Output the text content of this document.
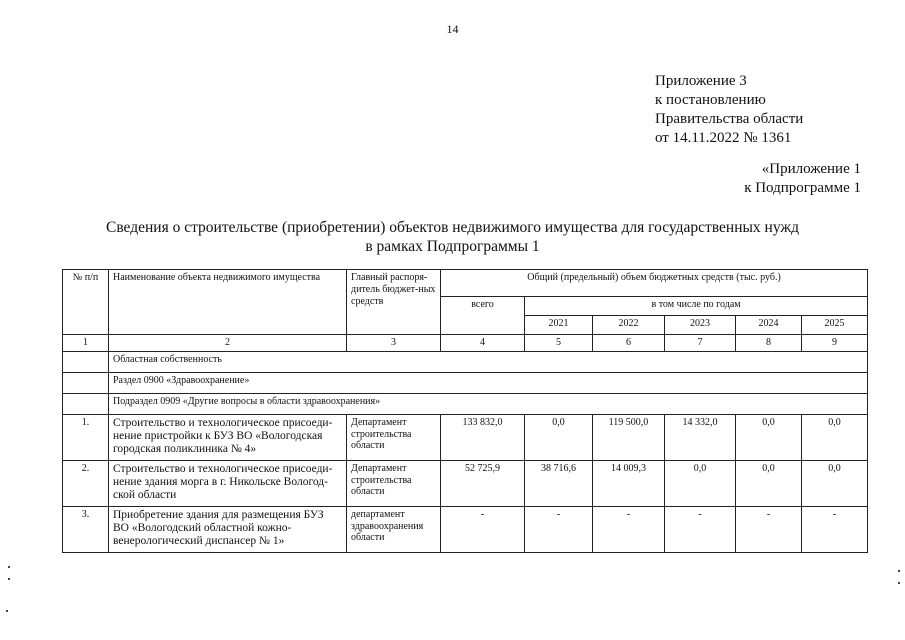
14
Приложение 3
к постановлению
Правительства области
от 14.11.2022 № 1361
«Приложение 1
к Подпрограмме 1
Сведения о строительстве (приобретении) объектов недвижимого имущества для государственных нужд
в рамках Подпрограммы 1
№ п/п	Наименование объекта недвижимого имущества	Главный распоря-дитель бюджет-ных средств	Общий (предельный) объем бюджетных средств (тыс. руб.)					
			всего	в том числе по годам				
				2021	2022	2023	2024	2025
1	2	3	4	5	6	7	8	9
	Областная собственность							
	Раздел 0900 «Здравоохранение»							
	Подраздел 0909 «Другие вопросы в области здравоохранения»							
1.	Строительство и технологическое присоеди-нение пристройки к БУЗ ВО «Вологодская городская поликлиника № 4»	Департамент строительства области	133 832,0	0,0	119 500,0	14 332,0	0,0	0,0
2.	Строительство и технологическое присоеди-нение здания морга в г. Никольске Вологод-ской области	Департамент строительства области	52 725,9	38 716,6	14 009,3	0,0	0,0	0,0
3.	Приобретение здания для размещения БУЗ ВО «Вологодский областной кожно-венерологический диспансер № 1»	департамент здравоохранения области	-	-	-	-	-	-
